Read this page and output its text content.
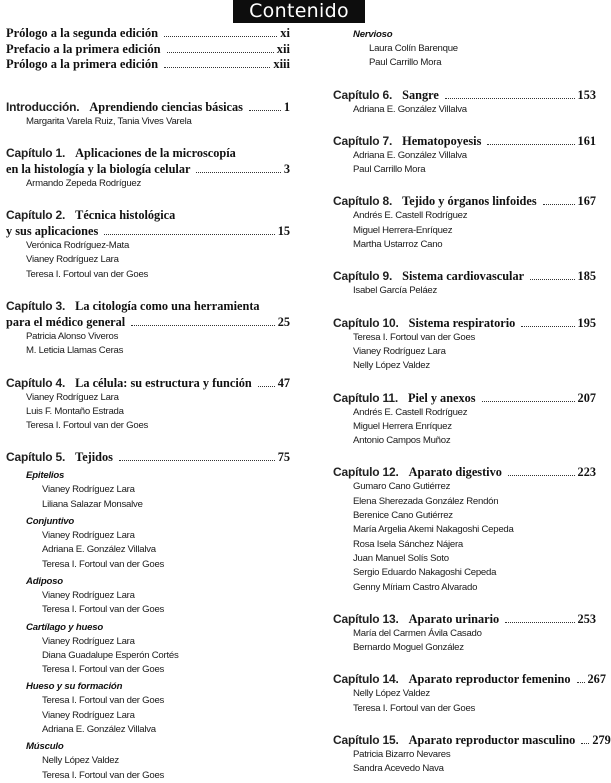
Contenido
Prólogo a la segunda edición	xi
Prefacio a la primera edición	xii
Prólogo a la primera edición	xiii
Introducción. Aprendiendo ciencias básicas	1
Margarita Varela Ruiz, Tania Vives Varela
Capítulo 1. Aplicaciones de la microscopía
en la histología y la biología celular	3
Armando Zepeda Rodríguez
Capítulo 2. Técnica histológica
y sus aplicaciones	15
Verónica Rodríguez-Mata
Vianey Rodríguez Lara
Teresa I. Fortoul van der Goes
Capítulo 3. La citología como una herramienta
para el médico general	25
Patricia Alonso Viveros
M. Leticia Llamas Ceras
Capítulo 4. La célula: su estructura y función 47
Vianey Rodríguez Lara
Luis F. Montaño Estrada
Teresa I. Fortoul van der Goes
Capítulo 5. Tejidos	75
Epitelios
Vianey Rodríguez Lara
Liliana Salazar Monsalve
Conjuntivo
Vianey Rodríguez Lara
Adriana E. González Villalva
Teresa I. Fortoul van der Goes
Adiposo
Vianey Rodríguez Lara
Teresa I. Fortoul van der Goes
Cartílago y hueso
Vianey Rodríguez Lara
Diana Guadalupe Esperón Cortés
Teresa I. Fortoul van der Goes
Hueso y su formación
Teresa I. Fortoul van der Goes
Vianey Rodríguez Lara
Adriana E. González Villalva
Músculo
Nelly López Valdez
Teresa I. Fortoul van der Goes
Nervioso
Laura Colín Barenque
Paul Carrillo Mora
Capítulo 6. Sangre	153
Adriana E. González Villalva
Capítulo 7. Hematopoyesis	161
Adriana E. González Villalva
Paul Carrillo Mora
Capítulo 8. Tejido y órganos linfoides	167
Andrés E. Castell Rodríguez
Miguel Herrera-Enríquez
Martha Ustarroz Cano
Capítulo 9. Sistema cardiovascular	185
Isabel García Peláez
Capítulo 10. Sistema respiratorio	195
Teresa I. Fortoul van der Goes
Vianey Rodríguez Lara
Nelly López Valdez
Capítulo 11. Piel y anexos	207
Andrés E. Castell Rodríguez
Miguel Herrera Enríquez
Antonio Campos Muñoz
Capítulo 12. Aparato digestivo	223
Gumaro Cano Gutiérrez
Elena Sherezada González Rendón
Berenice Cano Gutiérrez
María Argelia Akemi Nakagoshi Cepeda
Rosa Isela Sánchez Nájera
Juan Manuel Solís Soto
Sergio Eduardo Nakagoshi Cepeda
Genny Míriam Castro Alvarado
Capítulo 13. Aparato urinario	253
María del Carmen Ávila Casado
Bernardo Moguel González
Capítulo 14. Aparato reproductor femenino 267
Nelly López Valdez
Teresa I. Fortoul van der Goes
Capítulo 15. Aparato reproductor masculino 279
Patricia Bizarro Nevares
Sandra Acevedo Nava
